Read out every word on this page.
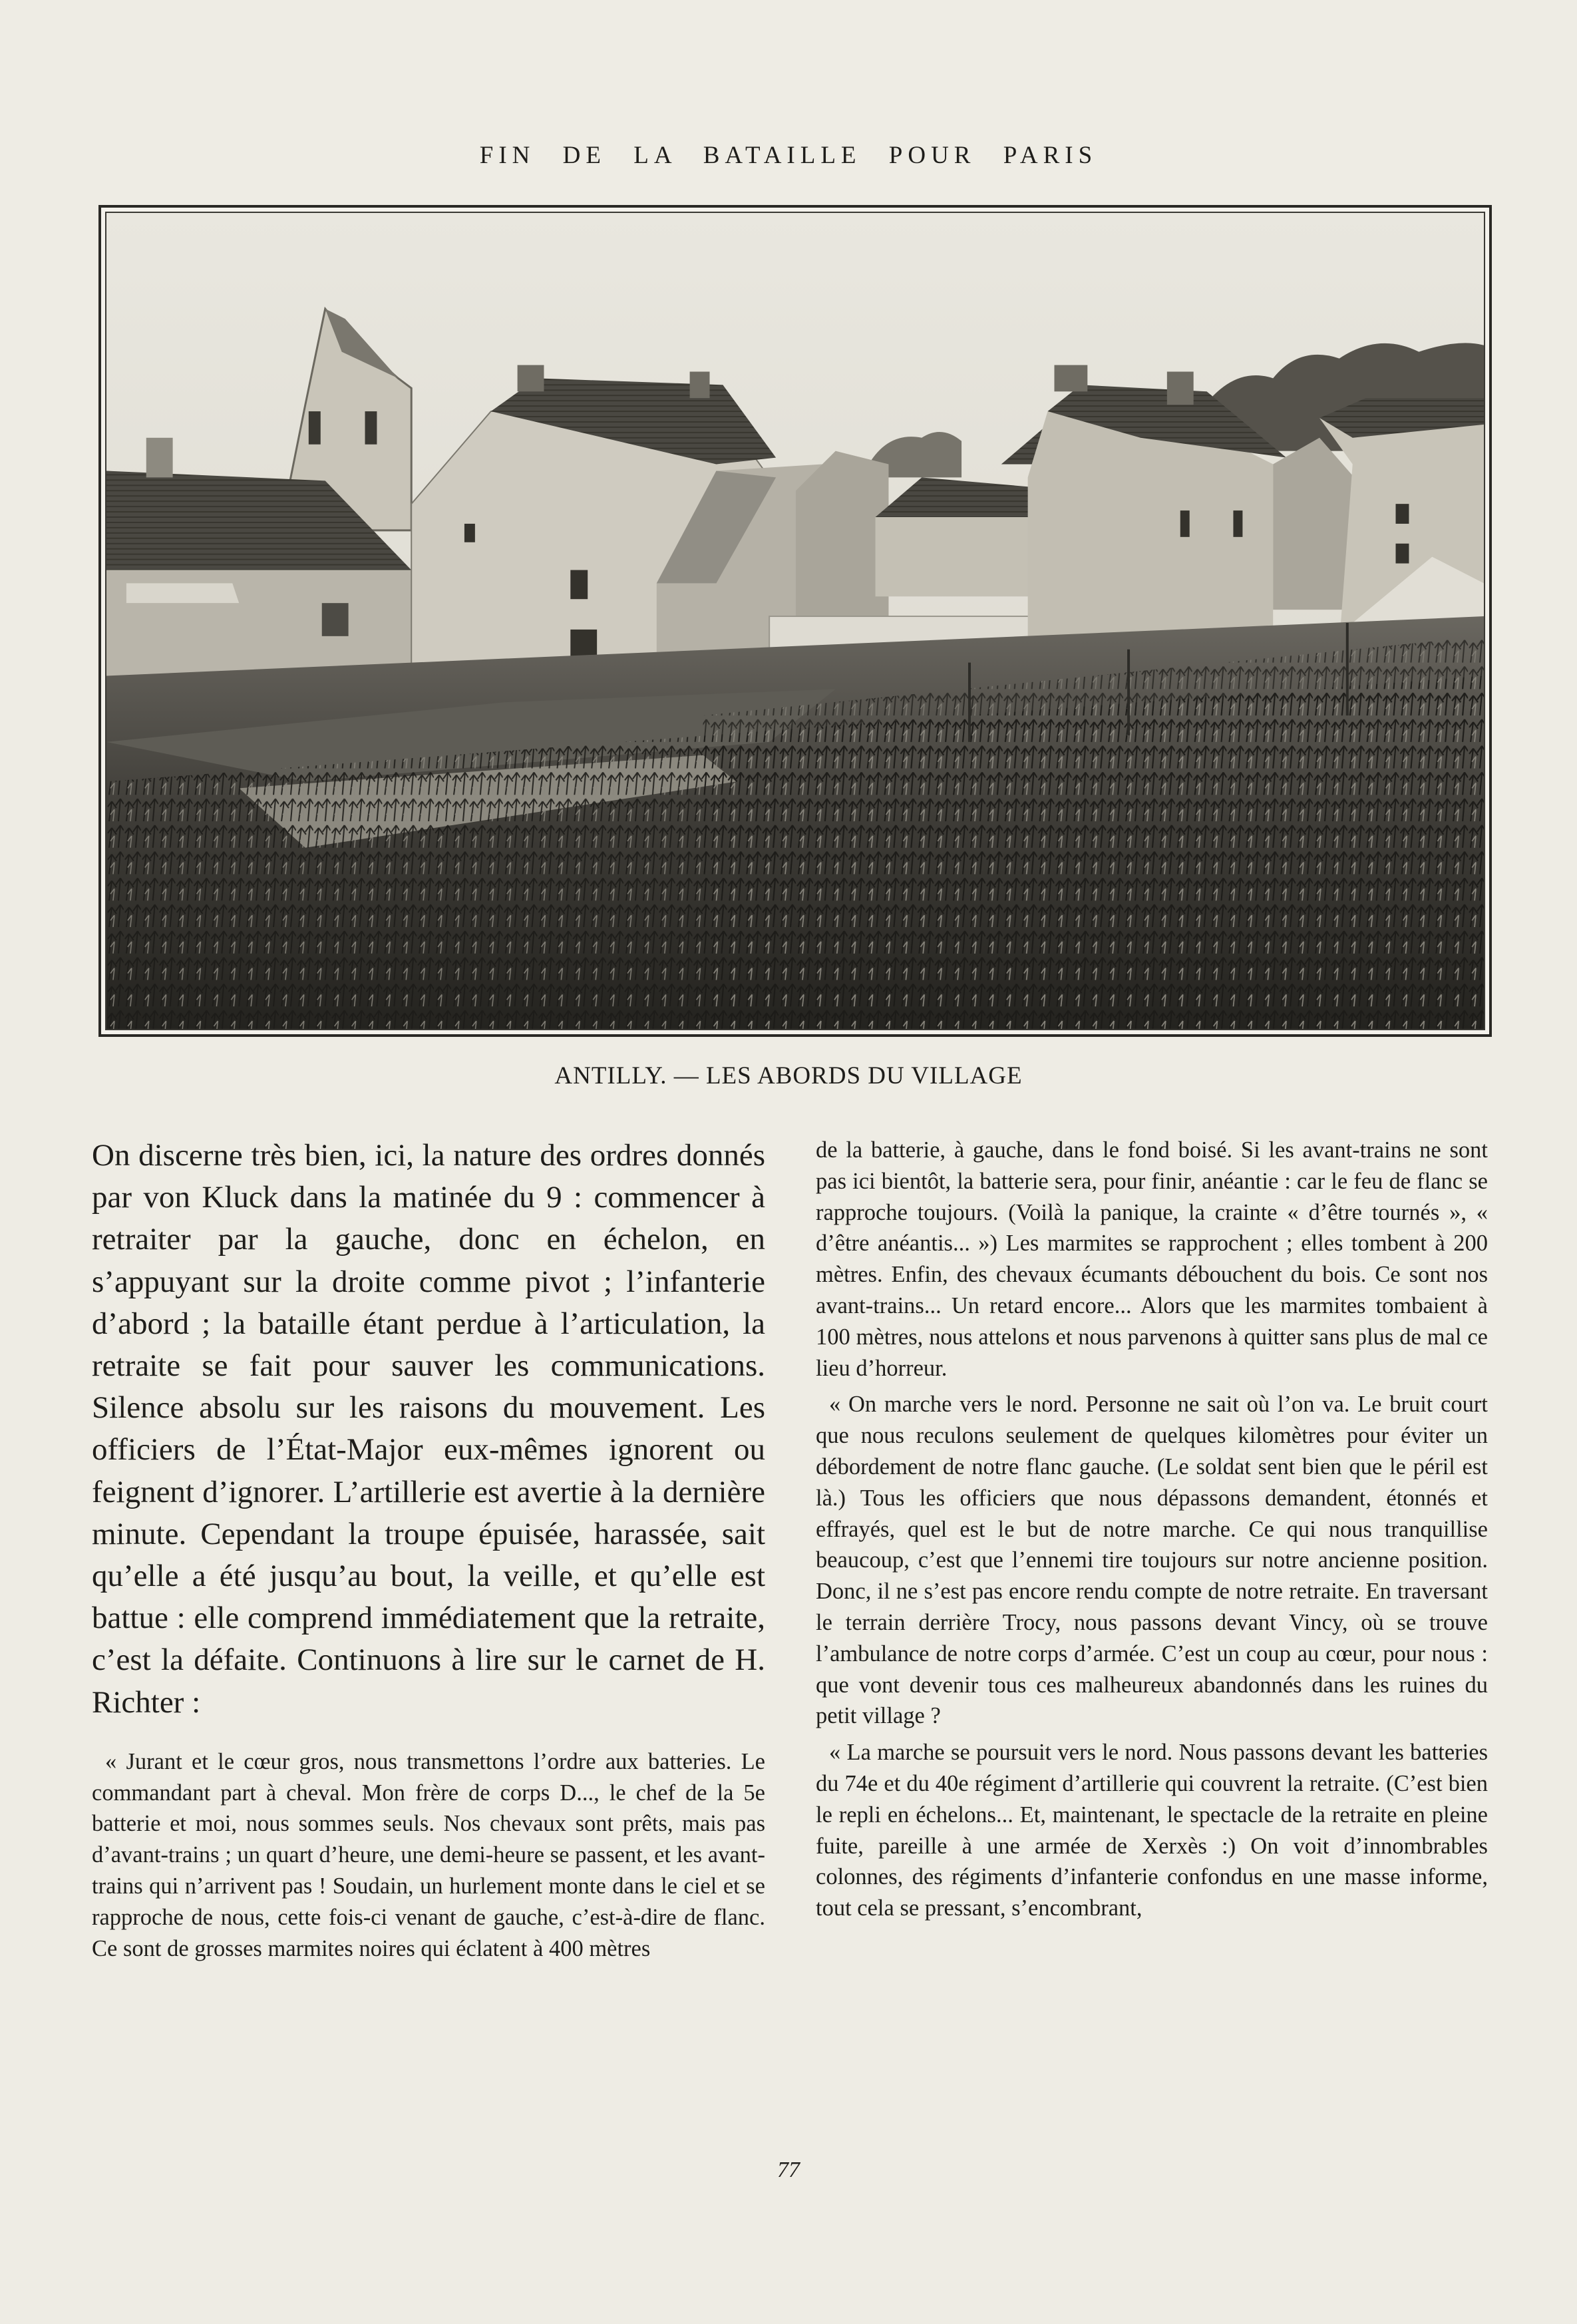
FIN DE LA BATAILLE POUR PARIS
ANTILLY. — LES ABORDS DU VILLAGE

On discerne très bien, ici, la nature des ordres donnés par von Kluck dans la matinée du 9 : commencer à retraiter par la gauche, donc en échelon, en s’appuyant sur la droite comme pivot ; l’infanterie d’abord ; la bataille étant perdue à l’articulation, la retraite se fait pour sauver les communications. Silence absolu sur les raisons du mouvement. Les officiers de l’État-Major eux-mêmes ignorent ou feignent d’ignorer. L’artillerie est avertie à la dernière minute. Cependant la troupe épuisée, harassée, sait qu’elle a été jusqu’au bout, la veille, et qu’elle est battue : elle comprend immédiatement que la retraite, c’est la défaite. Continuons à lire sur le carnet de H. Richter :

« Jurant et le cœur gros, nous transmettons l’ordre aux batteries. Le commandant part à cheval. Mon frère de corps D..., le chef de la 5e batterie et moi, nous sommes seuls. Nos chevaux sont prêts, mais pas d’avant-trains ; un quart d’heure, une demi-heure se passent, et les avant-trains qui n’arrivent pas ! Soudain, un hurlement monte dans le ciel et se rapproche de nous, cette fois-ci venant de gauche, c’est-à-dire de flanc. Ce sont de grosses marmites noires qui éclatent à 400 mètres

de la batterie, à gauche, dans le fond boisé. Si les avant-trains ne sont pas ici bientôt, la batterie sera, pour finir, anéantie : car le feu de flanc se rapproche toujours. (Voilà la panique, la crainte « d’être tournés », « d’être anéantis... ») Les marmites se rapprochent ; elles tombent à 200 mètres. Enfin, des chevaux écumants débouchent du bois. Ce sont nos avant-trains... Un retard encore... Alors que les marmites tombaient à 100 mètres, nous attelons et nous parvenons à quitter sans plus de mal ce lieu d’horreur.

« On marche vers le nord. Personne ne sait où l’on va. Le bruit court que nous reculons seulement de quelques kilomètres pour éviter un débordement de notre flanc gauche. (Le soldat sent bien que le péril est là.) Tous les officiers que nous dépassons demandent, étonnés et effrayés, quel est le but de notre marche. Ce qui nous tranquillise beaucoup, c’est que l’ennemi tire toujours sur notre ancienne position. Donc, il ne s’est pas encore rendu compte de notre retraite. En traversant le terrain derrière Trocy, nous passons devant Vincy, où se trouve l’ambulance de notre corps d’armée. C’est un coup au cœur, pour nous : que vont devenir tous ces malheureux abandonnés dans les ruines du petit village ?

« La marche se poursuit vers le nord. Nous passons devant les batteries du 74e et du 40e régiment d’artillerie qui couvrent la retraite. (C’est bien le repli en échelons... Et, maintenant, le spectacle de la retraite en pleine fuite, pareille à une armée de Xerxès :) On voit d’innombrables colonnes, des régiments d’infanterie confondus en une masse informe, tout cela se pressant, s’encombrant,

77
